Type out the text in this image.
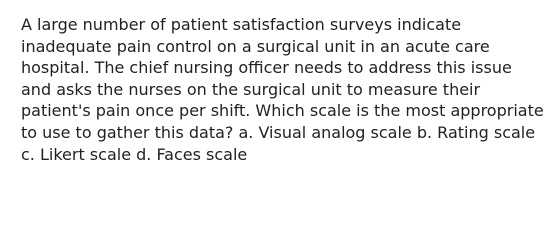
A large number of patient satisfaction surveys indicate
inadequate pain control on a surgical unit in an acute care
hospital. The chief nursing officer needs to address this issue
and asks the nurses on the surgical unit to measure their
patient's pain once per shift. Which scale is the most appropriate
to use to gather this data? a. Visual analog scale b. Rating scale
c. Likert scale d. Faces scale
